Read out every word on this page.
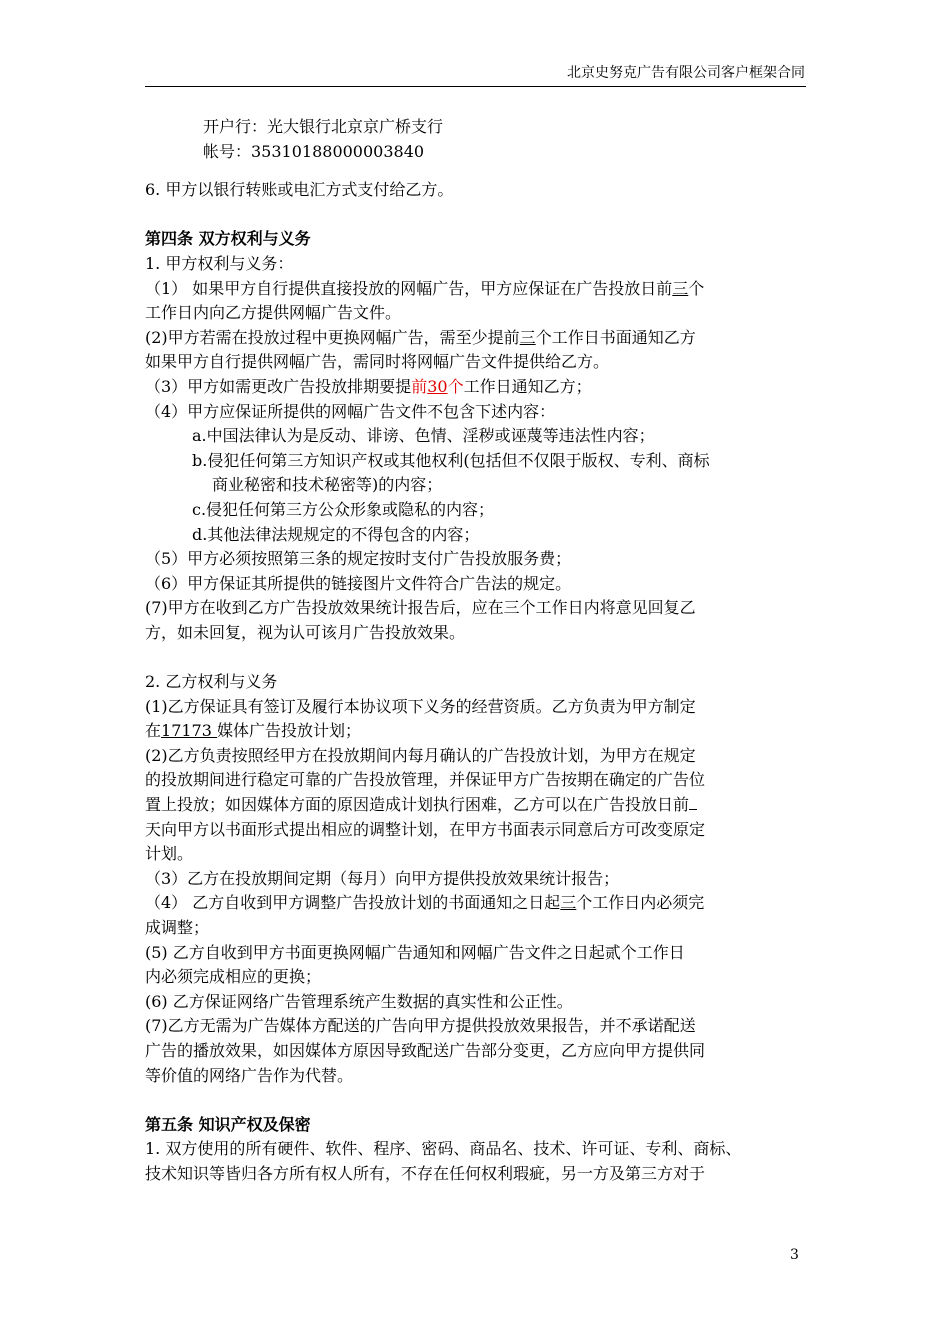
北京史努克广告有限公司客户框架合同

开户行：光大银行北京京广桥支行

帐号：35310188000003840

6. 甲方以银行转账或电汇方式支付给乙方。

第四条 双方权利与义务

1. 甲方权利与义务：

（1） 如果甲方自行提供直接投放的网幅广告，甲方应保证在广告投放日前三个

工作日内向乙方提供网幅广告文件。

(2)甲方若需在投放过程中更换网幅广告，需至少提前三个工作日书面通知乙方

如果甲方自行提供网幅广告，需同时将网幅广告文件提供给乙方。

（3）甲方如需更改广告投放排期要提前30个工作日通知乙方；

（4）甲方应保证所提供的网幅广告文件不包含下述内容：

a.中国法律认为是反动、诽谤、色情、淫秽或诬蔑等违法性内容；

b.侵犯任何第三方知识产权或其他权利(包括但不仅限于版权、专利、商标

商业秘密和技术秘密等)的内容；

c.侵犯任何第三方公众形象或隐私的内容；

d.其他法律法规规定的不得包含的内容；

（5）甲方必须按照第三条的规定按时支付广告投放服务费；

（6）甲方保证其所提供的链接图片文件符合广告法的规定。

(7)甲方在收到乙方广告投放效果统计报告后，应在三个工作日内将意见回复乙

方，如未回复，视为认可该月广告投放效果。

2. 乙方权利与义务

(1)乙方保证具有签订及履行本协议项下义务的经营资质。乙方负责为甲方制定

在17173 媒体广告投放计划；

(2)乙方负责按照经甲方在投放期间内每月确认的广告投放计划，为甲方在规定

的投放期间进行稳定可靠的广告投放管理，并保证甲方广告按期在确定的广告位

置上投放；如因媒体方面的原因造成计划执行困难，乙方可以在广告投放日前

天向甲方以书面形式提出相应的调整计划，在甲方书面表示同意后方可改变原定

计划。

（3）乙方在投放期间定期（每月）向甲方提供投放效果统计报告；

（4） 乙方自收到甲方调整广告投放计划的书面通知之日起三个工作日内必须完

成调整；

(5) 乙方自收到甲方书面更换网幅广告通知和网幅广告文件之日起贰个工作日

内必须完成相应的更换；

(6) 乙方保证网络广告管理系统产生数据的真实性和公正性。

(7)乙方无需为广告媒体方配送的广告向甲方提供投放效果报告，并不承诺配送

广告的播放效果，如因媒体方原因导致配送广告部分变更，乙方应向甲方提供同

等价值的网络广告作为代替。

第五条 知识产权及保密

1. 双方使用的所有硬件、软件、程序、密码、商品名、技术、许可证、专利、商标、

技术知识等皆归各方所有权人所有，不存在任何权利瑕疵，另一方及第三方对于

3
